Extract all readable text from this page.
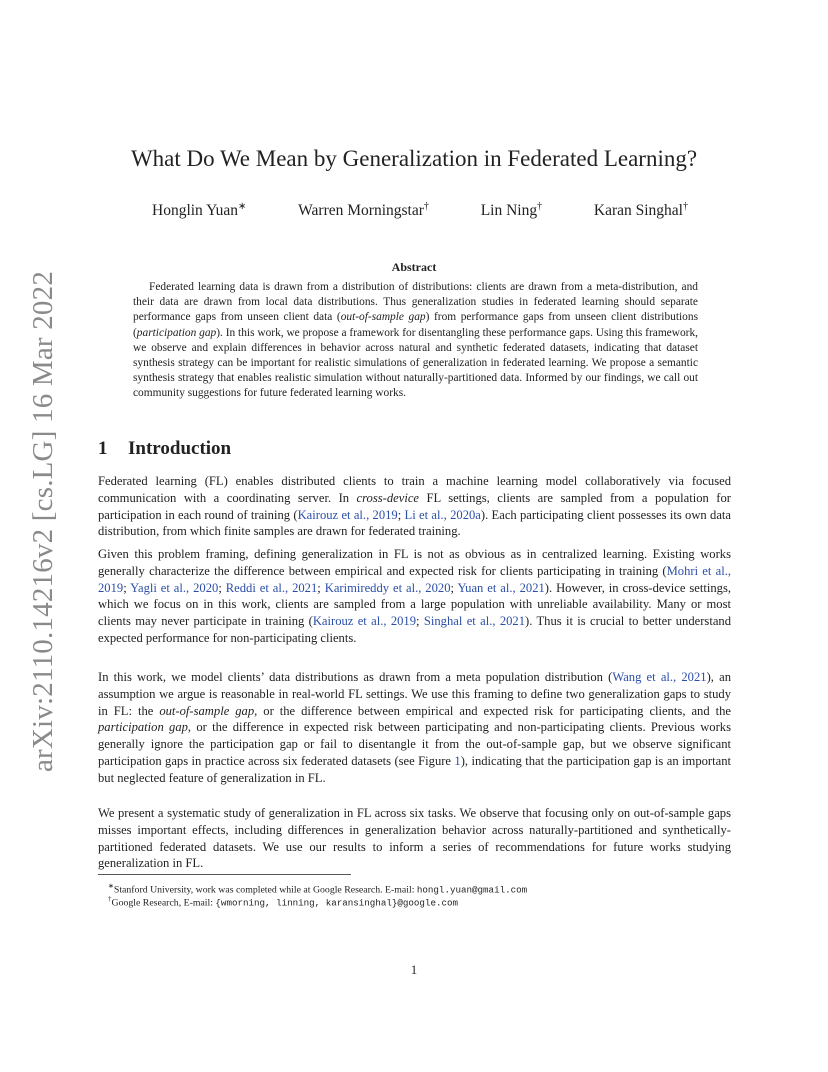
arXiv:2110.14216v2 [cs.LG] 16 Mar 2022
What Do We Mean by Generalization in Federated Learning?
Honglin Yuan∗	Warren Morningstar†	Lin Ning†	Karan Singhal†
Abstract

Federated learning data is drawn from a distribution of distributions: clients are drawn from a meta-distribution, and their data are drawn from local data distributions. Thus generalization studies in federated learning should separate performance gaps from unseen client data (out-of-sample gap) from performance gaps from unseen client distributions (participation gap). In this work, we propose a framework for disentangling these performance gaps. Using this framework, we observe and explain differences in behavior across natural and synthetic federated datasets, indicating that dataset synthesis strategy can be important for realistic simulations of generalization in federated learning. We propose a semantic synthesis strategy that enables realistic simulation without naturally-partitioned data. Informed by our findings, we call out community suggestions for future federated learning works.

1 Introduction

Federated learning (FL) enables distributed clients to train a machine learning model collaboratively via focused communication with a coordinating server. In cross-device FL settings, clients are sampled from a population for participation in each round of training (Kairouz et al., 2019; Li et al., 2020a). Each participating client possesses its own data distribution, from which finite samples are drawn for federated training.

Given this problem framing, defining generalization in FL is not as obvious as in centralized learning. Existing works generally characterize the difference between empirical and expected risk for clients participating in training (Mohri et al., 2019; Yagli et al., 2020; Reddi et al., 2021; Karimireddy et al., 2020; Yuan et al., 2021). However, in cross-device settings, which we focus on in this work, clients are sampled from a large population with unreliable availability. Many or most clients may never participate in training (Kairouz et al., 2019; Singhal et al., 2021). Thus it is crucial to better understand expected performance for non-participating clients.

In this work, we model clients’ data distributions as drawn from a meta population distribution (Wang et al., 2021), an assumption we argue is reasonable in real-world FL settings. We use this framing to define two generalization gaps to study in FL: the out-of-sample gap, or the difference between empirical and expected risk for participating clients, and the participation gap, or the difference in expected risk between participating and non-participating clients. Previous works generally ignore the participation gap or fail to disentangle it from the out-of-sample gap, but we observe significant participation gaps in practice across six federated datasets (see Figure 1), indicating that the participation gap is an important but neglected feature of generalization in FL.

We present a systematic study of generalization in FL across six tasks. We observe that focusing only on out-of-sample gaps misses important effects, including differences in generalization behavior across naturally-partitioned and synthetically-partitioned federated datasets. We use our results to inform a series of recommendations for future works studying generalization in FL.

∗Stanford University, work was completed while at Google Research. E-mail: hongl.yuan@gmail.com
†Google Research, E-mail: {wmorning, linning, karansinghal}@google.com
1
